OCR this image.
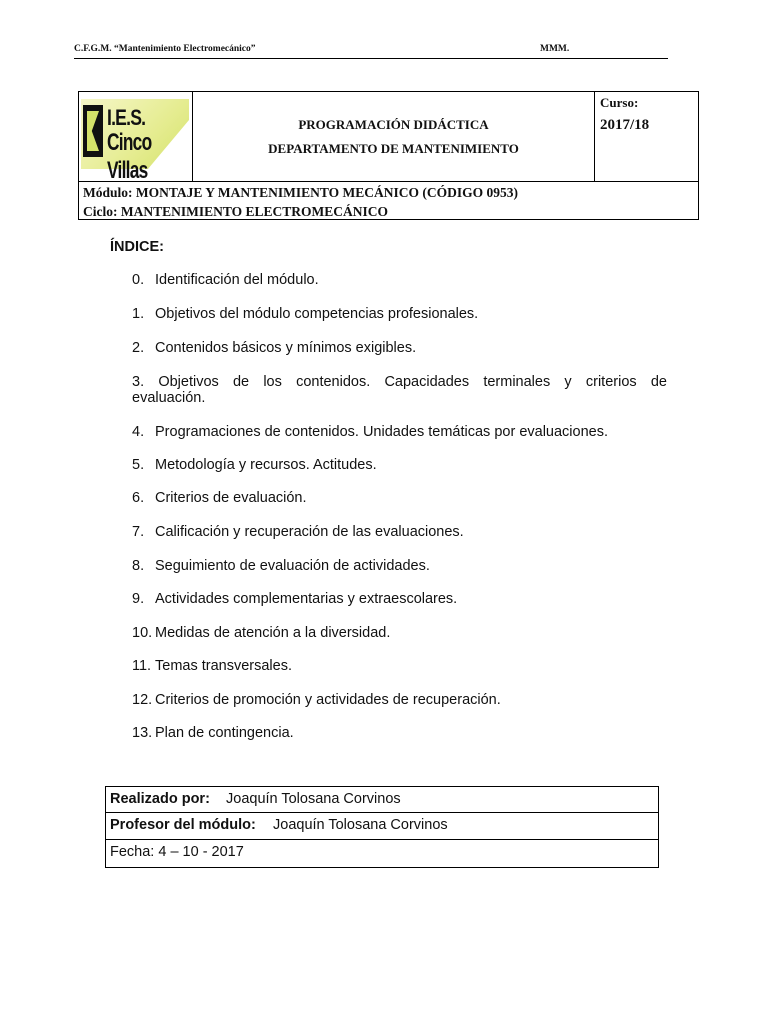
C.F.G.M. “Mantenimiento Electromecánico”	MMM.
I.E.S.
Cinco Villas
PROGRAMACIÓN DIDÁCTICA
DEPARTAMENTO DE MANTENIMIENTO
Curso:
2017/18
Módulo: MONTAJE Y MANTENIMIENTO MECÁNICO (CÓDIGO 0953)
Ciclo: MANTENIMIENTO ELECTROMECÁNICO
ÍNDICE:
0. Identificación del módulo.
1. Objetivos del módulo competencias profesionales.
2. Contenidos básicos y mínimos exigibles.
3. Objetivos de los contenidos. Capacidades terminales y criterios de
evaluación.
4. Programaciones de contenidos. Unidades temáticas por evaluaciones.
5. Metodología y recursos. Actitudes.
6. Criterios de evaluación.
7. Calificación y recuperación de las evaluaciones.
8. Seguimiento de evaluación de actividades.
9. Actividades complementarias y extraescolares.
10. Medidas de atención a la diversidad.
11. Temas transversales.
12. Criterios de promoción y actividades de recuperación.
13. Plan de contingencia.
Realizado por: Joaquín Tolosana Corvinos
Profesor del módulo: Joaquín Tolosana Corvinos
Fecha: 4 – 10 - 2017
